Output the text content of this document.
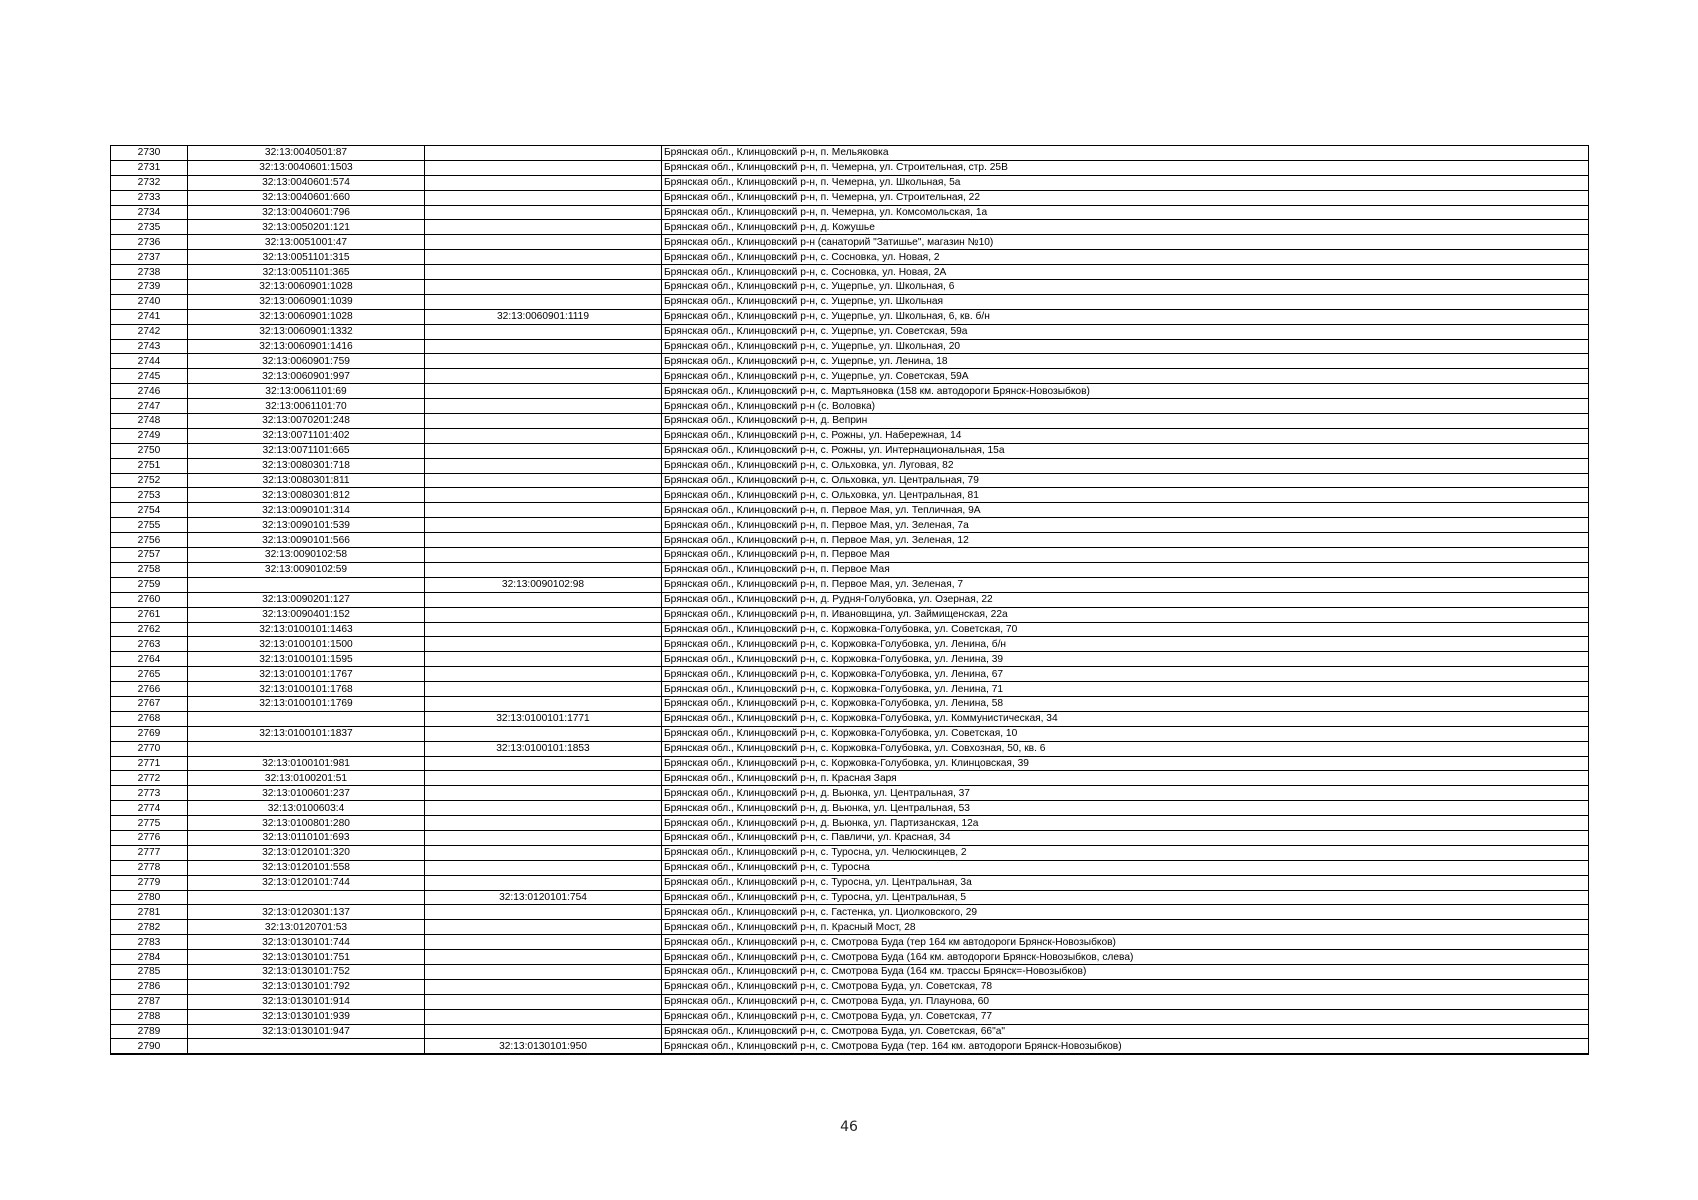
2730	32:13:0040501:87		Брянская обл., Клинцовский р-н, п. Мельяковка
2731	32:13:0040601:1503		Брянская обл., Клинцовский р-н, п. Чемерна, ул. Строительная, стр. 25В
2732	32:13:0040601:574		Брянская обл., Клинцовский р-н, п. Чемерна, ул. Школьная, 5а
2733	32:13:0040601:660		Брянская обл., Клинцовский р-н, п. Чемерна, ул. Строительная, 22
2734	32:13:0040601:796		Брянская обл., Клинцовский р-н, п. Чемерна, ул. Комсомольская, 1а
2735	32:13:0050201:121		Брянская обл., Клинцовский р-н, д. Кожушье
2736	32:13:0051001:47		Брянская обл., Клинцовский р-н (санаторий "Затишье", магазин №10)
2737	32:13:0051101:315		Брянская обл., Клинцовский р-н, с. Сосновка, ул. Новая, 2
2738	32:13:0051101:365		Брянская обл., Клинцовский р-н, с. Сосновка, ул. Новая, 2А
2739	32:13:0060901:1028		Брянская обл., Клинцовский р-н, с. Ущерпье, ул. Школьная, 6
2740	32:13:0060901:1039		Брянская обл., Клинцовский р-н, с. Ущерпье, ул. Школьная
2741	32:13:0060901:1028	32:13:0060901:1119	Брянская обл., Клинцовский р-н, с. Ущерпье, ул. Школьная, 6, кв. б/н
2742	32:13:0060901:1332		Брянская обл., Клинцовский р-н, с. Ущерпье, ул. Советская, 59а
2743	32:13:0060901:1416		Брянская обл., Клинцовский р-н, с. Ущерпье, ул. Школьная, 20
2744	32:13:0060901:759		Брянская обл., Клинцовский р-н, с. Ущерпье, ул. Ленина, 18
2745	32:13:0060901:997		Брянская обл., Клинцовский р-н, с. Ущерпье, ул. Советская, 59А
2746	32:13:0061101:69		Брянская обл., Клинцовский р-н, с. Мартьяновка (158 км. автодороги Брянск-Новозыбков)
2747	32:13:0061101:70		Брянская обл., Клинцовский р-н (с. Воловка)
2748	32:13:0070201:248		Брянская обл., Клинцовский р-н, д. Веприн
2749	32:13:0071101:402		Брянская обл., Клинцовский р-н, с. Рожны, ул. Набережная, 14
2750	32:13:0071101:665		Брянская обл., Клинцовский р-н, с. Рожны, ул. Интернациональная, 15а
2751	32:13:0080301:718		Брянская обл., Клинцовский р-н, с. Ольховка, ул. Луговая, 82
2752	32:13:0080301:811		Брянская обл., Клинцовский р-н, с. Ольховка, ул. Центральная, 79
2753	32:13:0080301:812		Брянская обл., Клинцовский р-н, с. Ольховка, ул. Центральная, 81
2754	32:13:0090101:314		Брянская обл., Клинцовский р-н, п. Первое Мая, ул. Тепличная, 9А
2755	32:13:0090101:539		Брянская обл., Клинцовский р-н, п. Первое Мая, ул. Зеленая, 7а
2756	32:13:0090101:566		Брянская обл., Клинцовский р-н, п. Первое Мая, ул. Зеленая, 12
2757	32:13:0090102:58		Брянская обл., Клинцовский р-н, п. Первое Мая
2758	32:13:0090102:59		Брянская обл., Клинцовский р-н, п. Первое Мая
2759		32:13:0090102:98	Брянская обл., Клинцовский р-н, п. Первое Мая, ул. Зеленая, 7
2760	32:13:0090201:127		Брянская обл., Клинцовский р-н, д. Рудня-Голубовка, ул. Озерная, 22
2761	32:13:0090401:152		Брянская обл., Клинцовский р-н, п. Ивановщина, ул. Займищенская, 22а
2762	32:13:0100101:1463		Брянская обл., Клинцовский р-н, с. Коржовка-Голубовка, ул. Советская, 70
2763	32:13:0100101:1500		Брянская обл., Клинцовский р-н, с. Коржовка-Голубовка, ул. Ленина, б/н
2764	32:13:0100101:1595		Брянская обл., Клинцовский р-н, с. Коржовка-Голубовка, ул. Ленина, 39
2765	32:13:0100101:1767		Брянская обл., Клинцовский р-н, с. Коржовка-Голубовка, ул. Ленина, 67
2766	32:13:0100101:1768		Брянская обл., Клинцовский р-н, с. Коржовка-Голубовка, ул. Ленина, 71
2767	32:13:0100101:1769		Брянская обл., Клинцовский р-н, с. Коржовка-Голубовка, ул. Ленина, 58
2768		32:13:0100101:1771	Брянская обл., Клинцовский р-н, с. Коржовка-Голубовка, ул. Коммунистическая, 34
2769	32:13:0100101:1837		Брянская обл., Клинцовский р-н, с. Коржовка-Голубовка, ул. Советская, 10
2770		32:13:0100101:1853	Брянская обл., Клинцовский р-н, с. Коржовка-Голубовка, ул. Совхозная, 50, кв. 6
2771	32:13:0100101:981		Брянская обл., Клинцовский р-н, с. Коржовка-Голубовка, ул. Клинцовская, 39
2772	32:13:0100201:51		Брянская обл., Клинцовский р-н, п. Красная Заря
2773	32:13:0100601:237		Брянская обл., Клинцовский р-н, д. Вьюнка, ул. Центральная, 37
2774	32:13:0100603:4		Брянская обл., Клинцовский р-н, д. Вьюнка, ул. Центральная, 53
2775	32:13:0100801:280		Брянская обл., Клинцовский р-н, д. Вьюнка, ул. Партизанская, 12а
2776	32:13:0110101:693		Брянская обл., Клинцовский р-н, с. Павличи, ул. Красная, 34
2777	32:13:0120101:320		Брянская обл., Клинцовский р-н, с. Туросна, ул. Челюскинцев, 2
2778	32:13:0120101:558		Брянская обл., Клинцовский р-н, с. Туросна
2779	32:13:0120101:744		Брянская обл., Клинцовский р-н, с. Туросна, ул. Центральная, 3а
2780		32:13:0120101:754	Брянская обл., Клинцовский р-н, с. Туросна, ул. Центральная, 5
2781	32:13:0120301:137		Брянская обл., Клинцовский р-н, с. Гастенка, ул. Циолковского, 29
2782	32:13:0120701:53		Брянская обл., Клинцовский р-н, п. Красный Мост, 28
2783	32:13:0130101:744		Брянская обл., Клинцовский р-н, с. Смотрова Буда (тер 164 км автодороги Брянск-Новозыбков)
2784	32:13:0130101:751		Брянская обл., Клинцовский р-н, с. Смотрова Буда (164 км. автодороги Брянск-Новозыбков, слева)
2785	32:13:0130101:752		Брянская обл., Клинцовский р-н, с. Смотрова Буда (164 км. трассы Брянск=-Новозыбков)
2786	32:13:0130101:792		Брянская обл., Клинцовский р-н, с. Смотрова Буда, ул. Советская, 78
2787	32:13:0130101:914		Брянская обл., Клинцовский р-н, с. Смотрова Буда, ул. Плаунова, 60
2788	32:13:0130101:939		Брянская обл., Клинцовский р-н, с. Смотрова Буда, ул. Советская, 77
2789	32:13:0130101:947		Брянская обл., Клинцовский р-н, с. Смотрова Буда, ул. Советская, 66"а"
2790		32:13:0130101:950	Брянская обл., Клинцовский р-н, с. Смотрова Буда (тер. 164 км. автодороги Брянск-Новозыбков)
46
